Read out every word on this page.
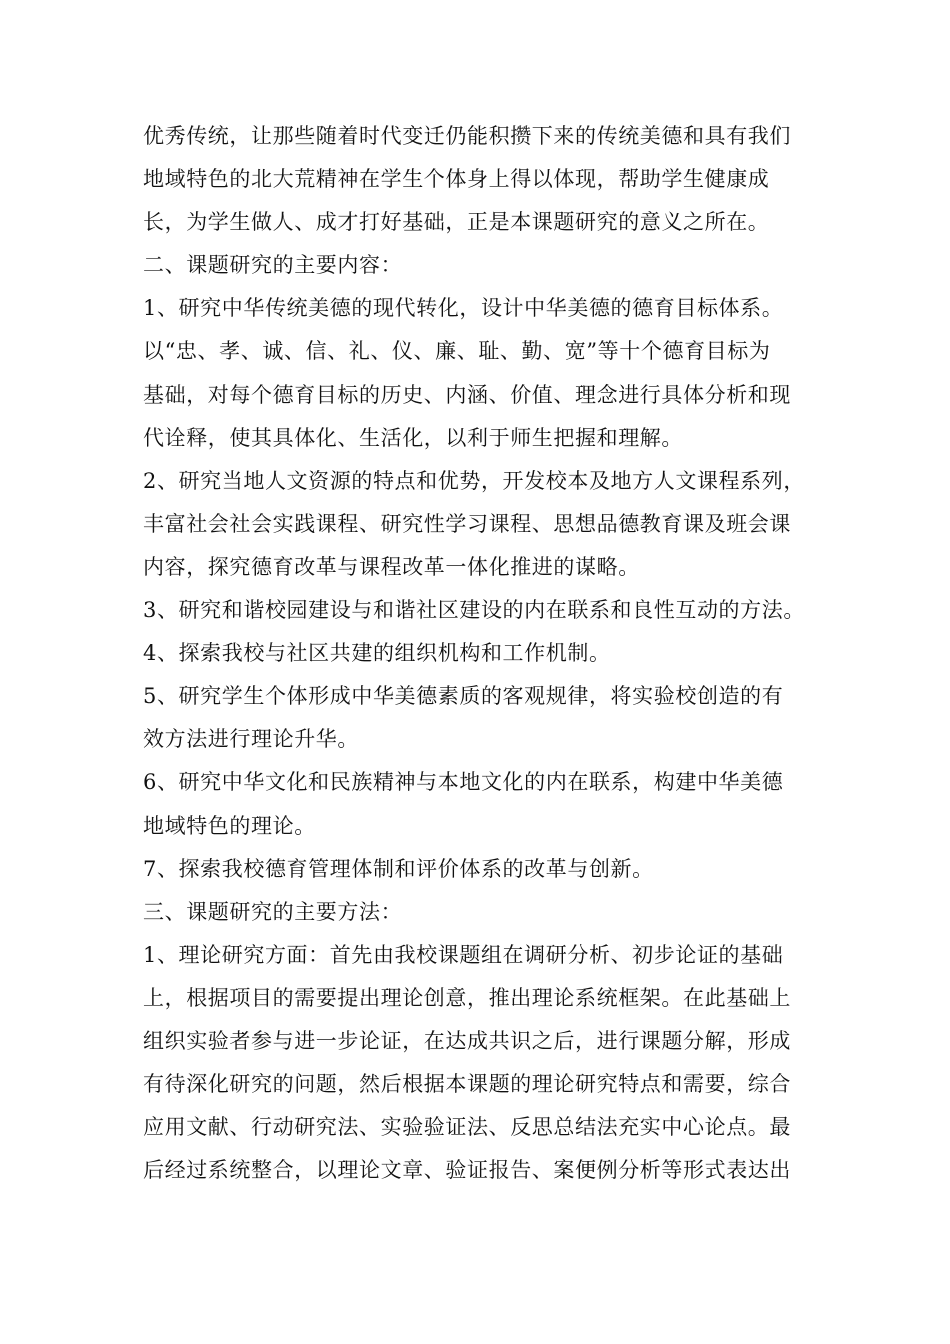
优秀传统，让那些随着时代变迁仍能积攒下来的传统美德和具有我们
地域特色的北大荒精神在学生个体身上得以体现，帮助学生健康成
长，为学生做人、成才打好基础，正是本课题研究的意义之所在。
二、课题研究的主要内容：
1、研究中华传统美德的现代转化，设计中华美德的德育目标体系。
以“忠、孝、诚、信、礼、仪、廉、耻、勤、宽”等十个德育目标为
基础，对每个德育目标的历史、内涵、价值、理念进行具体分析和现
代诠释，使其具体化、生活化，以利于师生把握和理解。
2、研究当地人文资源的特点和优势，开发校本及地方人文课程系列，
丰富社会社会实践课程、研究性学习课程、思想品德教育课及班会课
内容，探究德育改革与课程改革一体化推进的谋略。
3、研究和谐校园建设与和谐社区建设的内在联系和良性互动的方法。
4、探索我校与社区共建的组织机构和工作机制。
5、研究学生个体形成中华美德素质的客观规律，将实验校创造的有
效方法进行理论升华。
6、研究中华文化和民族精神与本地文化的内在联系，构建中华美德
地域特色的理论。
7、探索我校德育管理体制和评价体系的改革与创新。
三、课题研究的主要方法：
1、理论研究方面：首先由我校课题组在调研分析、初步论证的基础
上，根据项目的需要提出理论创意，推出理论系统框架。在此基础上
组织实验者参与进一步论证，在达成共识之后，进行课题分解，形成
有待深化研究的问题，然后根据本课题的理论研究特点和需要，综合
应用文献、行动研究法、实验验证法、反思总结法充实中心论点。最
后经过系统整合，以理论文章、验证报告、案便例分析等形式表达出
